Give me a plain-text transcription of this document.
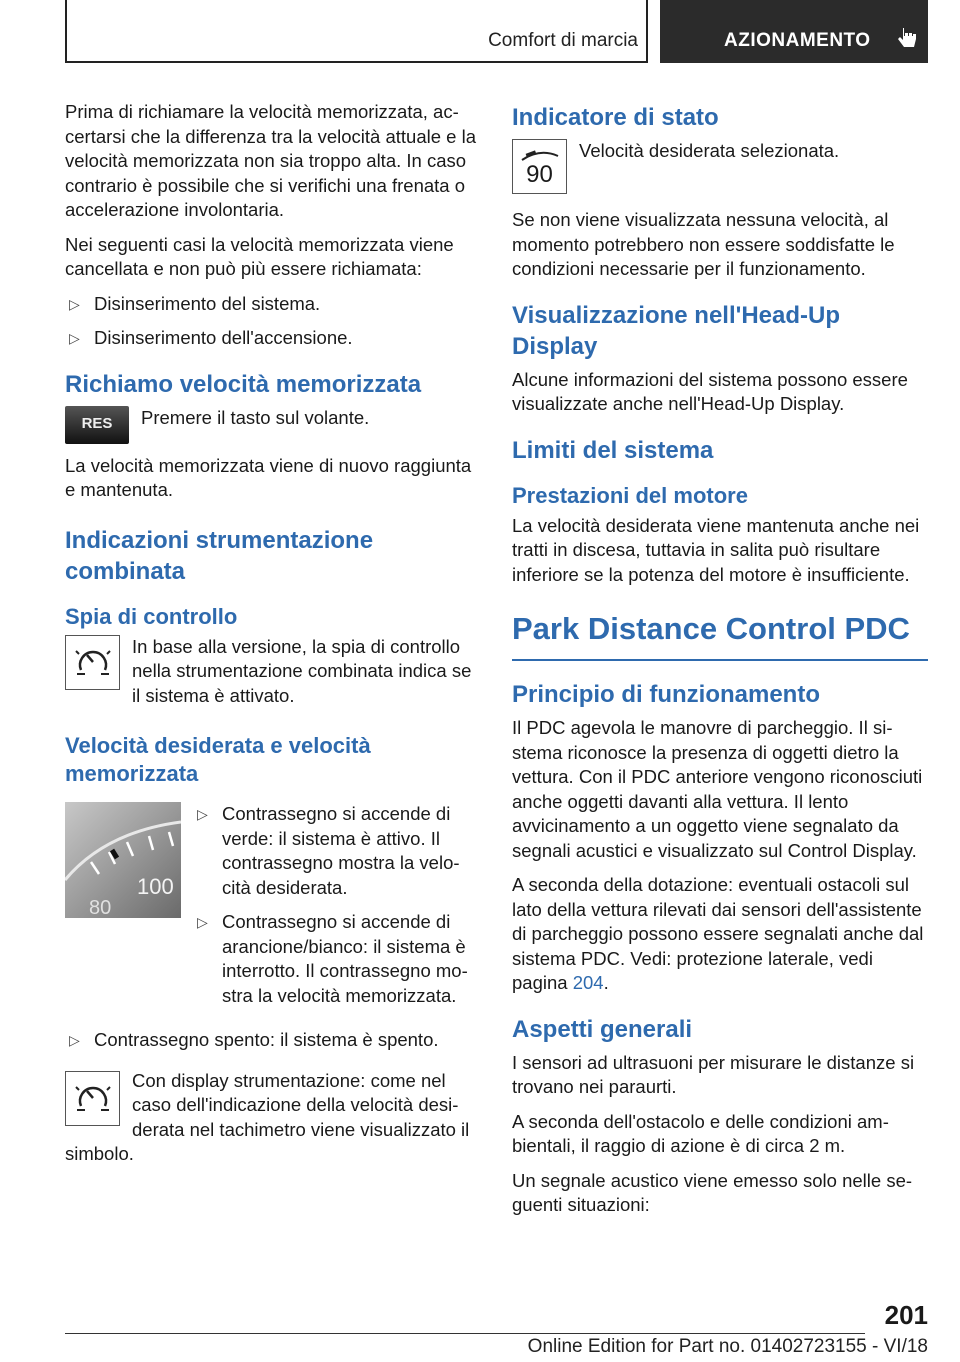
Comfort di marcia	AZIONAMENTO

Prima di richiamare la velocità memorizzata, accertarsi che la differenza tra la velocità attuale e la velocità memorizzata non sia troppo alta. In caso contrario è possibile che si verifichi una frenata o accelerazione involontaria.

Nei seguenti casi la velocità memorizzata viene cancellata e non può più essere richiamata:

▷ Disinserimento del sistema.
▷ Disinserimento dell'accensione.
Richiamo velocità memorizzata
RES	Premere il tasto sul volante.

La velocità memorizzata viene di nuovo raggiunta e mantenuta.

Indicazioni strumentazione combinata
Spia di controllo
In base alla versione, la spia di controllo nella strumentazione combinata indica se il sistema è attivato.
Velocità desiderata e velocità memorizzata
100
80
▷ Contrassegno si accende di verde: il sistema è attivo. Il contrassegno mostra la velocità desiderata.
▷ Contrassegno si accende di arancione/bianco: il sistema è interrotto. Il contrassegno mostra la velocità memorizzata.
▷ Contrassegno spento: il sistema è spento.
Con display strumentazione: come nel caso dell'indicazione della velocità desiderata nel tachimetro viene visualizzato il simbolo.
Indicatore di stato
90
Velocità desiderata selezionata.

Se non viene visualizzata nessuna velocità, al momento potrebbero non essere soddisfatte le condizioni necessarie per il funzionamento.

Visualizzazione nell'Head-Up Display

Alcune informazioni del sistema possono essere visualizzate anche nell'Head-Up Display.

Limiti del sistema
Prestazioni del motore

La velocità desiderata viene mantenuta anche nei tratti in discesa, tuttavia in salita può risultare inferiore se la potenza del motore è insufficiente.

Park Distance Control PDC
Principio di funzionamento

Il PDC agevola le manovre di parcheggio. Il sistema riconosce la presenza di oggetti dietro la vettura. Con il PDC anteriore vengono riconosciuti anche oggetti davanti alla vettura. Il lento avvicinamento a un oggetto viene segnalato da segnali acustici e visualizzato sul Control Display.

A seconda della dotazione: eventuali ostacoli sul lato della vettura rilevati dai sensori dell'assistente di parcheggio possono essere segnalati anche dal sistema PDC. Vedi: protezione laterale, vedi pagina 204.

Aspetti generali

I sensori ad ultrasuoni per misurare le distanze si trovano nei paraurti.

A seconda dell'ostacolo e delle condizioni ambientali, il raggio di azione è di circa 2 m.

Un segnale acustico viene emesso solo nelle seguenti situazioni:

201
Online Edition for Part no. 01402723155 - VI/18
